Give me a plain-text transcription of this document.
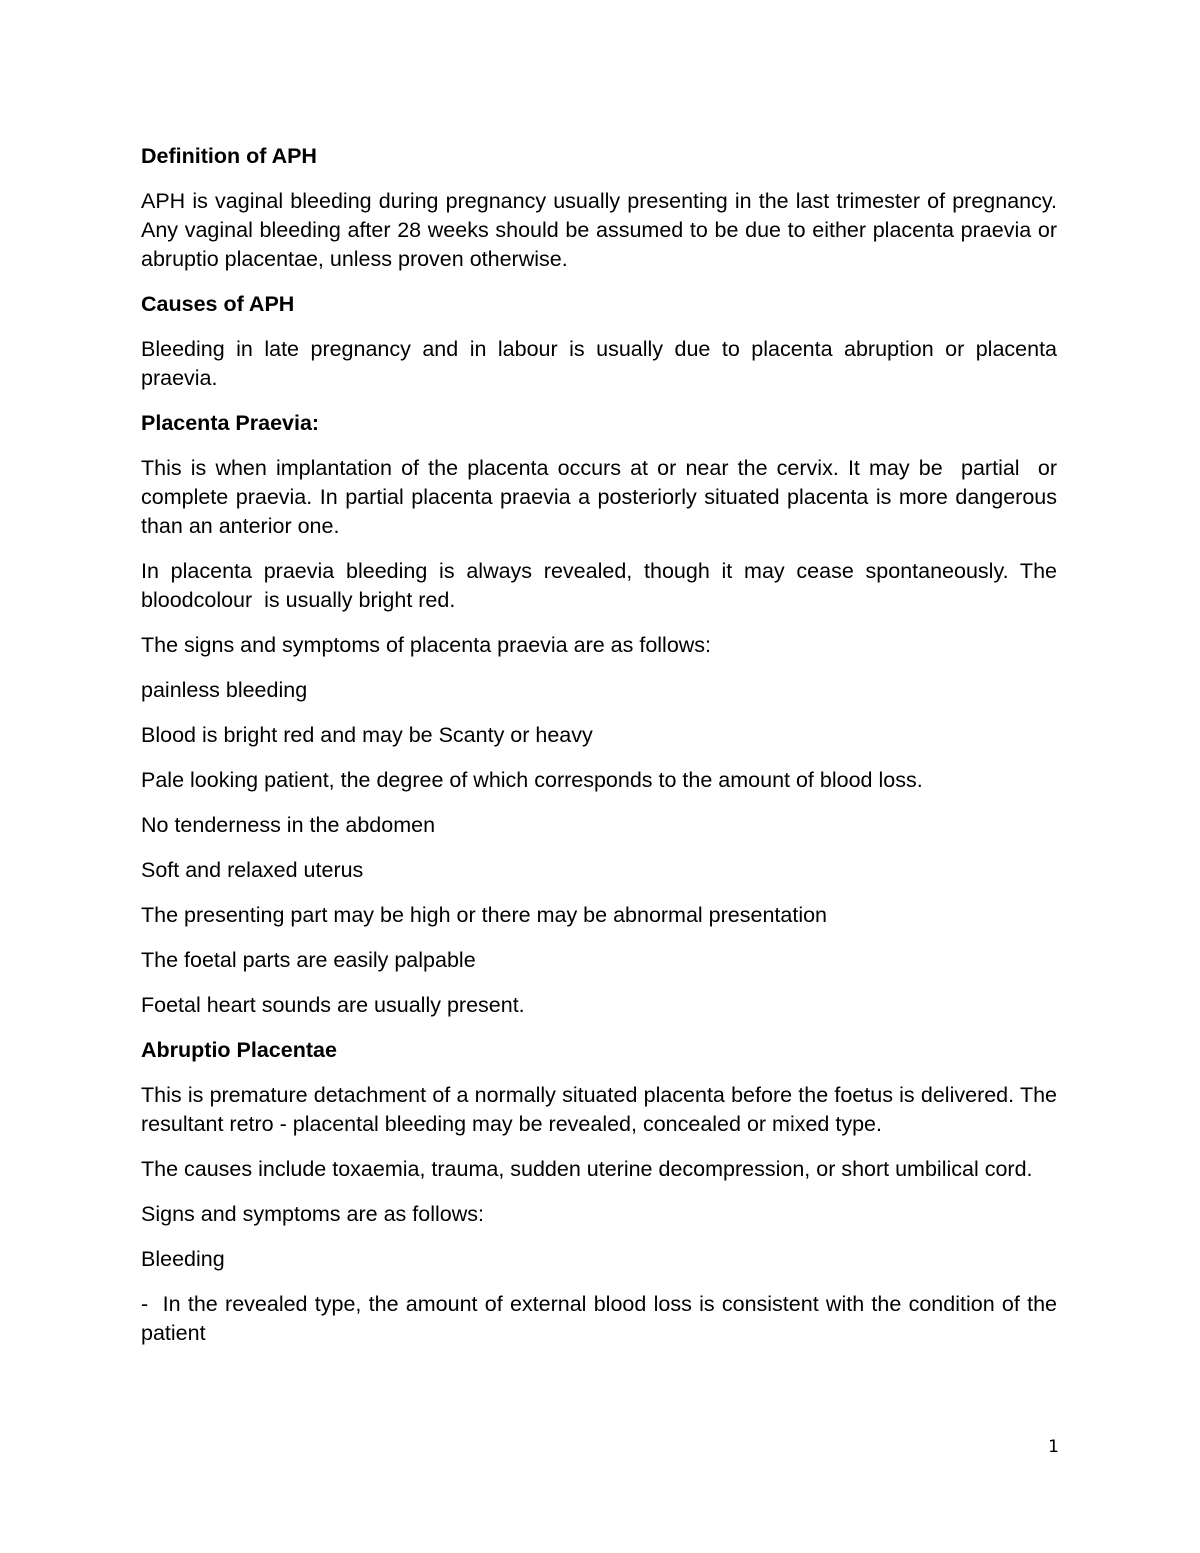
Definition of APH

APH is vaginal bleeding during pregnancy usually presenting in the last trimester of pregnancy. Any vaginal bleeding after 28 weeks should be assumed to be due to either placenta praevia or abruptio placentae, unless proven otherwise.

Causes of APH

Bleeding in late pregnancy and in labour is usually due to placenta abruption or placenta praevia.

Placenta Praevia:

This is when implantation of the placenta occurs at or near the cervix. It may be  partial  or  complete praevia. In partial placenta praevia a posteriorly situated placenta is more dangerous than an anterior one.

In placenta praevia bleeding is always revealed, though it may cease spontaneously. The  bloodcolour  is usually bright red.

The signs and symptoms of placenta praevia are as follows:

painless bleeding

Blood is bright red and may be Scanty or heavy

Pale looking patient, the degree of which corresponds to the amount of blood loss.

No tenderness in the abdomen

Soft and relaxed uterus

The presenting part may be high or there may be abnormal presentation

The foetal parts are easily palpable

Foetal heart sounds are usually present.

Abruptio Placentae

This is premature detachment of a normally situated placenta before the foetus is delivered. The resultant retro - placental bleeding may be revealed, concealed or mixed type.

The causes include toxaemia, trauma, sudden uterine decompression, or short umbilical cord.

Signs and symptoms are as follows:

Bleeding

-  In the revealed type, the amount of external blood loss is consistent with the condition of the patient

1
